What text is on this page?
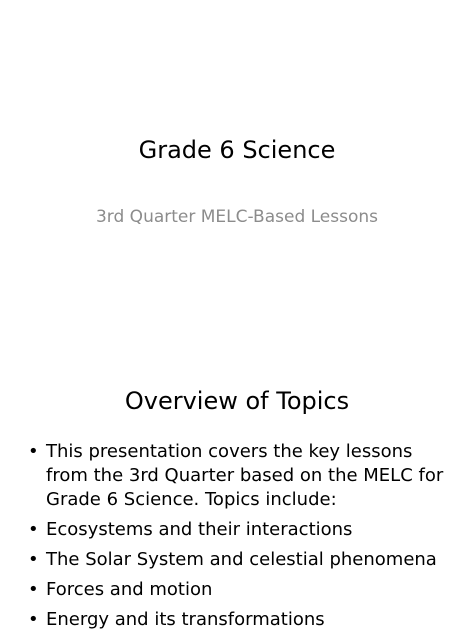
Grade 6 Science
3rd Quarter MELC-Based Lessons
Overview of Topics
• This presentation covers the key lessons from the 3rd Quarter based on the MELC for Grade 6 Science. Topics include:
• Ecosystems and their interactions
• The Solar System and celestial phenomena
• Forces and motion
• Energy and its transformations
